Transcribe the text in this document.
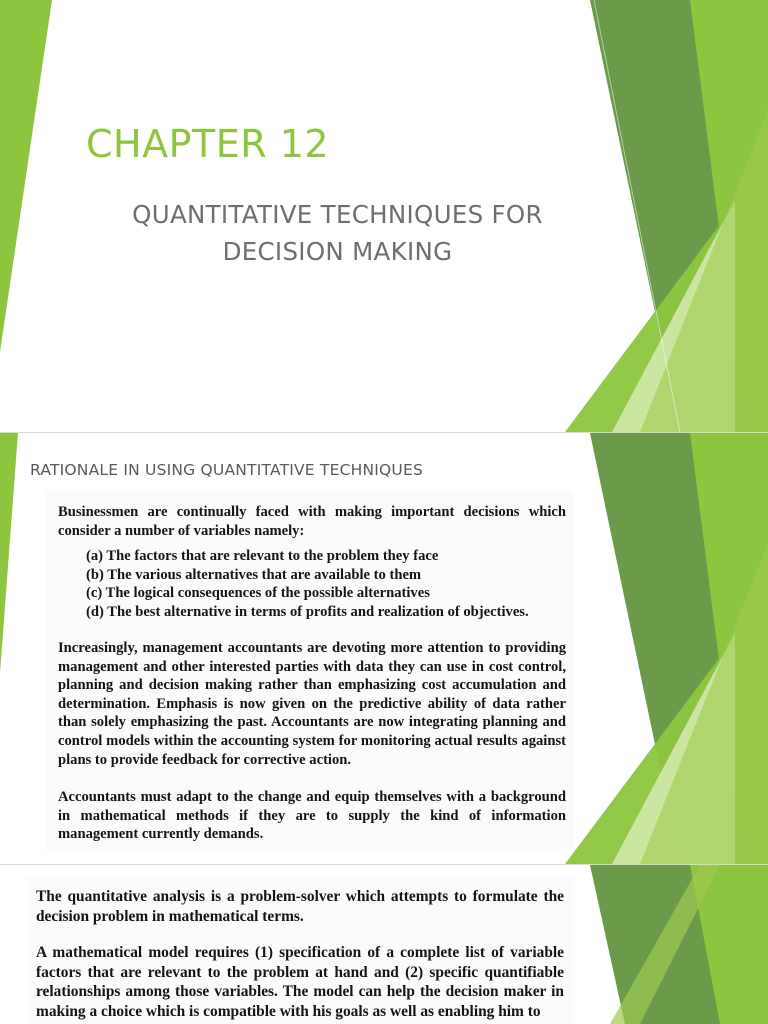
CHAPTER 12
QUANTITATIVE TECHNIQUES FOR
DECISION MAKING
RATIONALE IN USING QUANTITATIVE TECHNIQUES

Businessmen are continually faced with making important decisions which consider a number of variables namely:

(a) The factors that are relevant to the problem they face
(b) The various alternatives that are available to them
(c) The logical consequences of the possible alternatives
(d) The best alternative in terms of profits and realization of objectives.

Increasingly, management accountants are devoting more attention to providing management and other interested parties with data they can use in cost control, planning and decision making rather than emphasizing cost accumulation and determination. Emphasis is now given on the predictive ability of data rather than solely emphasizing the past. Accountants are now integrating planning and control models within the accounting system for monitoring actual results against plans to provide feedback for corrective action.

Accountants must adapt to the change and equip themselves with a background in mathematical methods if they are to supply the kind of information management currently demands.

The quantitative analysis is a problem-solver which attempts to formulate the decision problem in mathematical terms.

A mathematical model requires (1) specification of a complete list of variable factors that are relevant to the problem at hand and (2) specific quantifiable relationships among those variables. The model can help the decision maker in making a choice which is compatible with his goals as well as enabling him to
